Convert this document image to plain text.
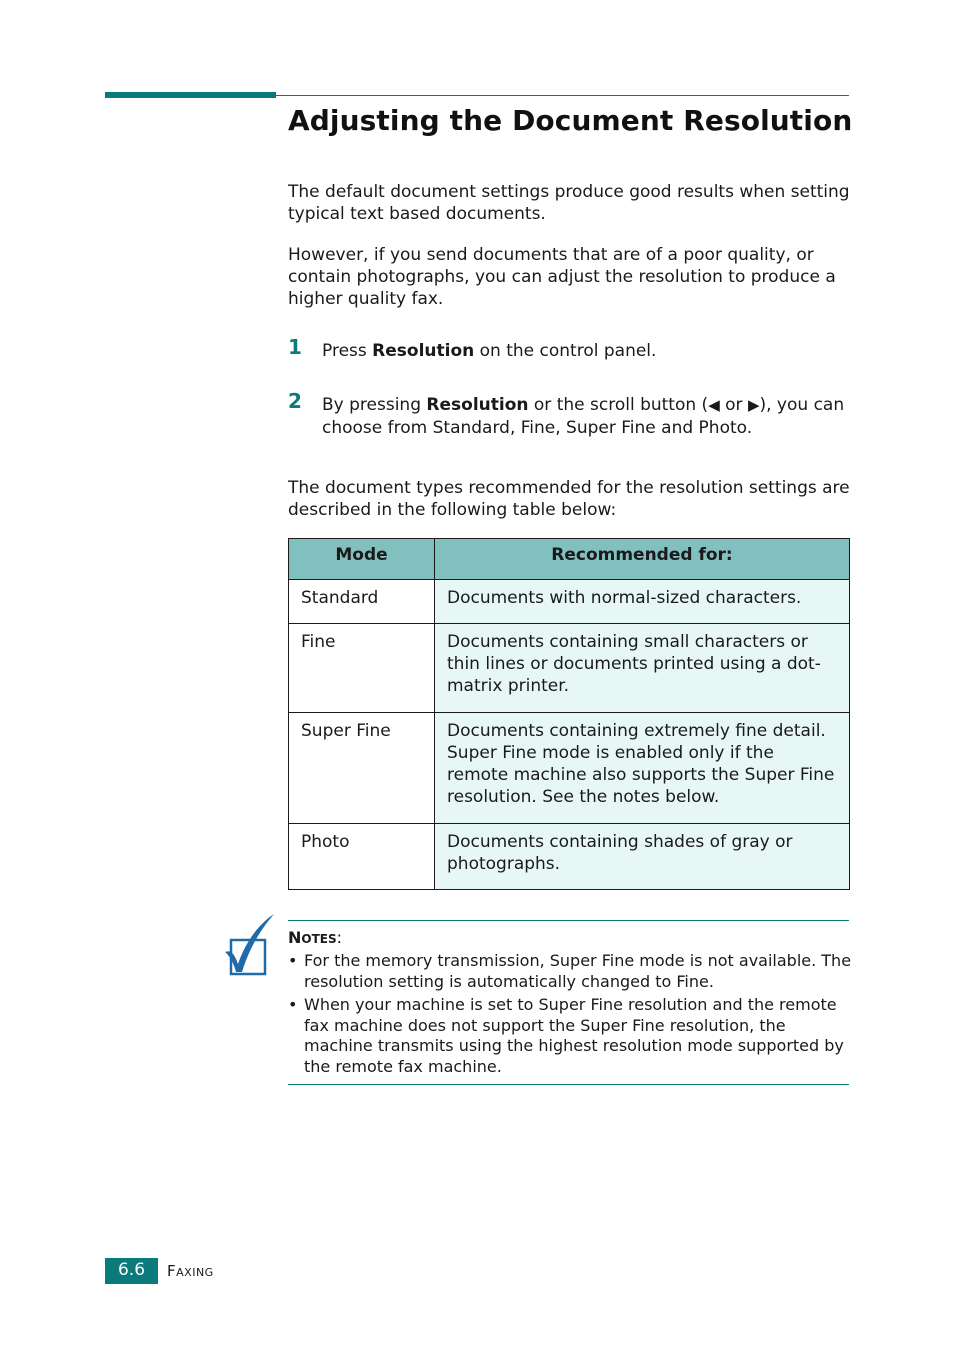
Adjusting the Document Resolution

The default document settings produce good results when setting typical text based documents.

However, if you send documents that are of a poor quality, or contain photographs, you can adjust the resolution to produce a higher quality fax.

1 Press Resolution on the control panel.
2 By pressing Resolution or the scroll button (◀ or ▶), you can choose from Standard, Fine, Super Fine and Photo.

The document types recommended for the resolution settings are described in the following table below:

Mode	Recommended for:

Standard	Documents with normal-sized characters.
Fine	Documents containing small characters or thin lines or documents printed using a dot-matrix printer.
Super Fine	Documents containing extremely fine detail. Super Fine mode is enabled only if the remote machine also supports the Super Fine resolution. See the notes below.
Photo	Documents containing shades of gray or photographs.
NOTES:
• For the memory transmission, Super Fine mode is not available. The resolution setting is automatically changed to Fine.
• When your machine is set to Super Fine resolution and the remote fax machine does not support the Super Fine resolution, the machine transmits using the highest resolution mode supported by the remote fax machine.
6.6	FAXING
